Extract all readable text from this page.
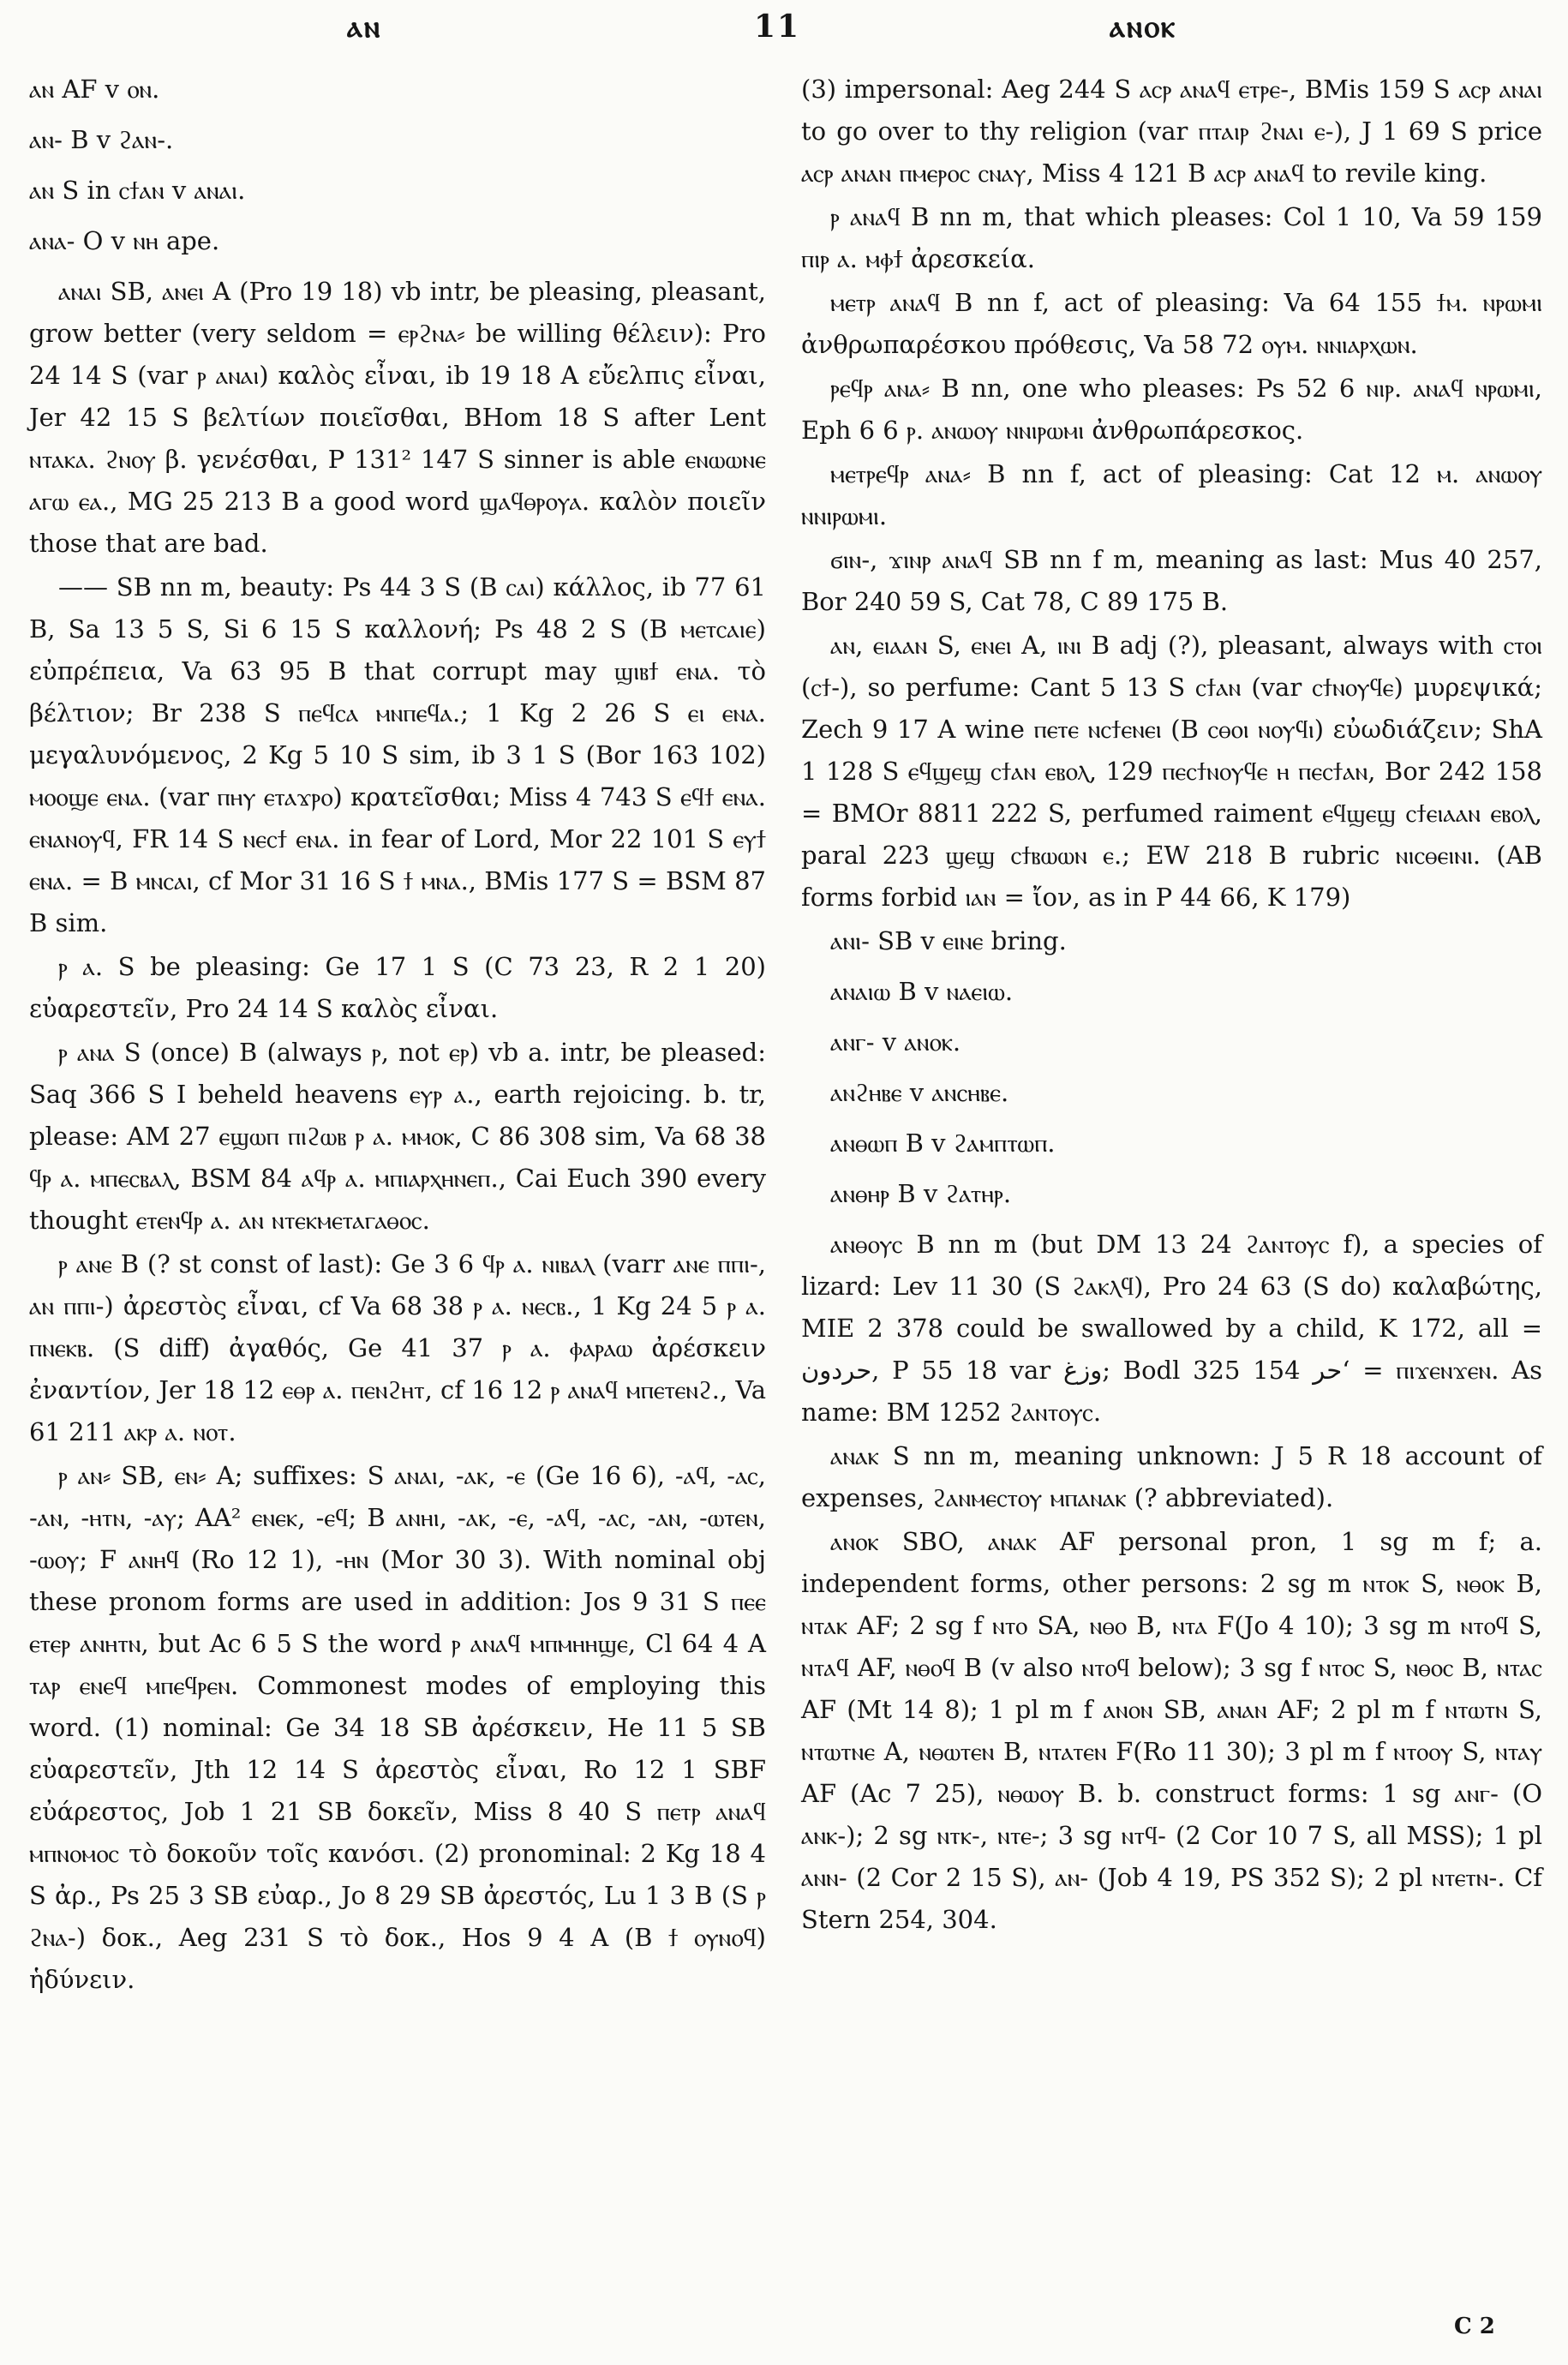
ⲁⲛ	11	ⲁⲛⲟⲕ

ⲁⲛ AF v ⲟⲛ.

ⲁⲛ- B v ϩⲁⲛ-.

ⲁⲛ S in ⲥϯⲁⲛ v ⲁⲛⲁⲓ.

ⲁⲛⲁ- O v ⲛⲏ ape.

ⲁⲛⲁⲓ SB, ⲁⲛⲉⲓ A (Pro 19 18) vb intr, be pleasing, pleasant, grow better (very seldom = ⲉⲣϩⲛⲁ⸗ be willing θέλειν): Pro 24 14 S (var ⲣ ⲁⲛⲁⲓ) καλὸς εἶναι, ib 19 18 A εὔελπις εἶναι, Jer 42 15 S βελτίων ποιεῖσθαι, BHom 18 S after Lent ⲛⲧⲁⲕⲁ. ϩⲛⲟⲩ β. γενέσθαι, P 131² 147 S sinner is able ⲉⲛⲱⲱⲛⲉ ⲁⲅⲱ ⲉⲁ., MG 25 213 B a good word ϣⲁϥⲑⲣⲟⲩⲁ. καλὸν ποιεῖν those that are bad.

—— SB nn m, beauty: Ps 44 3 S (B ⲥⲁⲓ) κάλλος, ib 77 61 B, Sa 13 5 S, Si 6 15 S καλλονή; Ps 48 2 S (B ⲙⲉⲧⲥⲁⲓⲉ) εὐπρέπεια, Va 63 95 B that corrupt may ϣⲓⲃϯ ⲉⲛⲁ. τὸ βέλτιον; Br 238 S ⲡⲉϥⲥⲁ ⲙⲛⲡⲉϥⲁ.; 1 Kg 2 26 S ⲉⲓ ⲉⲛⲁ. μεγαλυνόμενος, 2 Kg 5 10 S sim, ib 3 1 S (Bor 163 102) ⲙⲟⲟϣⲉ ⲉⲛⲁ. (var ⲡⲏⲩ ⲉⲧⲁϫⲣⲟ) κρατεῖσθαι; Miss 4 743 S ⲉϥϯ ⲉⲛⲁ. ⲉⲛⲁⲛⲟⲩϥ, FR 14 S ⲛⲉⲥϯ ⲉⲛⲁ. in fear of Lord, Mor 22 101 S ⲉⲩϯ ⲉⲛⲁ. = B ⲙⲛⲥⲁⲓ, cf Mor 31 16 S ϯ ⲙⲛⲁ., BMis 177 S = BSM 87 B sim.

ⲣ ⲁ. S be pleasing: Ge 17 1 S (C 73 23, R 2 1 20) εὐαρεστεῖν, Pro 24 14 S καλὸς εἶναι.

ⲣ ⲁⲛⲁ S (once) B (always ⲣ, not ⲉⲣ) vb a. intr, be pleased: Saq 366 S I beheld heavens ⲉⲩⲣ ⲁ., earth rejoicing. b. tr, please: AM 27 ⲉϣⲱⲡ ⲡⲓϩⲱⲃ ⲣ ⲁ. ⲙⲙⲟⲕ, C 86 308 sim, Va 68 38 ϥⲣ ⲁ. ⲙⲡⲉⲥⲃⲁⲗ, BSM 84 ⲁϥⲣ ⲁ. ⲙⲡⲓⲁⲣⲭⲏⲛⲉⲡ., Cai Euch 390 every thought ⲉⲧⲉⲛϥⲣ ⲁ. ⲁⲛ ⲛⲧⲉⲕⲙⲉⲧⲁⲅⲁⲑⲟⲥ.

ⲣ ⲁⲛⲉ B (? st const of last): Ge 3 6 ϥⲣ ⲁ. ⲛⲓⲃⲁⲗ (varr ⲁⲛⲉ ⲡⲡⲓ-, ⲁⲛ ⲡⲡⲓ-) ἀρεστὸς εἶναι, cf Va 68 38 ⲣ ⲁ. ⲛⲉⲥⲃ., 1 Kg 24 5 ⲣ ⲁ. ⲡⲛⲉⲕⲃ. (S diff) ἀγαθός, Ge 41 37 ⲣ ⲁ. ⲫⲁⲣⲁⲱ ἀρέσκειν ἐναντίον, Jer 18 12 ⲉⲑⲣ ⲁ. ⲡⲉⲛϩⲏⲧ, cf 16 12 ⲣ ⲁⲛⲁϥ ⲙⲡⲉⲧⲉⲛϩ., Va 61 211 ⲁⲕⲣ ⲁ. ⲛⲟⲧ.

ⲣ ⲁⲛ⸗ SB, ⲉⲛ⸗ A; suffixes: S ⲁⲛⲁⲓ, -ⲁⲕ, -ⲉ (Ge 16 6), -ⲁϥ, -ⲁⲥ, -ⲁⲛ, -ⲏⲧⲛ, -ⲁⲩ; AA² ⲉⲛⲉⲕ, -ⲉϥ; B ⲁⲛⲏⲓ, -ⲁⲕ, -ⲉ, -ⲁϥ, -ⲁⲥ, -ⲁⲛ, -ⲱⲧⲉⲛ, -ⲱⲟⲩ; F ⲁⲛⲏϥ (Ro 12 1), -ⲏⲛ (Mor 30 3). With nominal obj these pronom forms are used in addition: Jos 9 31 S ⲡⲉⲉ ⲉⲧⲉⲣ ⲁⲛⲏⲧⲛ, but Ac 6 5 S the word ⲣ ⲁⲛⲁϥ ⲙⲡⲙⲏⲏϣⲉ, Cl 64 4 A ⲧⲁⲣ ⲉⲛⲉϥ ⲙⲡⲉϥⲣⲉⲛ. Commonest modes of employing this word. (1) nominal: Ge 34 18 SB ἀρέσκειν, He 11 5 SB εὐαρεστεῖν, Jth 12 14 S ἀρεστὸς εἶναι, Ro 12 1 SBF εὐάρεστος, Job 1 21 SB δοκεῖν, Miss 8 40 S ⲡⲉⲧⲣ ⲁⲛⲁϥ ⲙⲡⲛⲟⲙⲟⲥ τὸ δοκοῦν τοῖς κανόσι. (2) pronominal: 2 Kg 18 4 S ἀρ., Ps 25 3 SB εὐαρ., Jo 8 29 SB ἀρεστός, Lu 1 3 B (S ⲣ ϩⲛⲁ-) δοκ., Aeg 231 S τὸ δοκ., Hos 9 4 A (B ϯ ⲟⲩⲛⲟϥ) ἡδύνειν.

(3) impersonal: Aeg 244 S ⲁⲥⲣ ⲁⲛⲁϥ ⲉⲧⲣⲉ-, BMis 159 S ⲁⲥⲣ ⲁⲛⲁⲓ to go over to thy religion (var ⲡⲧⲁⲓⲣ ϩⲛⲁⲓ ⲉ-), J 1 69 S price ⲁⲥⲣ ⲁⲛⲁⲛ ⲡⲙⲉⲣⲟⲥ ⲥⲛⲁⲩ, Miss 4 121 B ⲁⲥⲣ ⲁⲛⲁϥ to revile king.

ⲣ ⲁⲛⲁϥ B nn m, that which pleases: Col 1 10, Va 59 159 ⲡⲓⲣ ⲁ. ⲙⲫϯ ἀρεσκεία.

ⲙⲉⲧⲣ ⲁⲛⲁϥ B nn f, act of pleasing: Va 64 155 ϯⲙ. ⲛⲣⲱⲙⲓ ἀνθρωπαρέσκου πρόθεσις, Va 58 72 ⲟⲩⲙ. ⲛⲛⲓⲁⲣⲭⲱⲛ.

ⲣⲉϥⲣ ⲁⲛⲁ⸗ B nn, one who pleases: Ps 52 6 ⲛⲓⲣ. ⲁⲛⲁϥ ⲛⲣⲱⲙⲓ, Eph 6 6 ⲣ. ⲁⲛⲱⲟⲩ ⲛⲛⲓⲣⲱⲙⲓ ἀνθρωπάρεσκος.

ⲙⲉⲧⲣⲉϥⲣ ⲁⲛⲁ⸗ B nn f, act of pleasing: Cat 12 ⲙ. ⲁⲛⲱⲟⲩ ⲛⲛⲓⲣⲱⲙⲓ.

ϭⲓⲛ-, ϫⲓⲛⲣ ⲁⲛⲁϥ SB nn f m, meaning as last: Mus 40 257, Bor 240 59 S, Cat 78, C 89 175 B.

ⲁⲛ, ⲉⲓⲁⲁⲛ S, ⲉⲛⲉⲓ A, ⲓⲛⲓ B adj (?), pleasant, always with ⲥⲧⲟⲓ (ⲥϯ-), so perfume: Cant 5 13 S ⲥϯⲁⲛ (var ⲥϯⲛⲟⲩϥⲉ) μυρεψικά; Zech 9 17 A wine ⲡⲉⲧⲉ ⲛⲥϯⲉⲛⲉⲓ (B ⲥⲑⲟⲓ ⲛⲟⲩϥⲓ) εὐωδιάζειν; ShA 1 128 S ⲉϥϣⲉϣ ⲥϯⲁⲛ ⲉⲃⲟⲗ, 129 ⲡⲉⲥϯⲛⲟⲩϥⲉ ⲏ ⲡⲉⲥϯⲁⲛ, Bor 242 158 = BMOr 8811 222 S, perfumed raiment ⲉϥϣⲉϣ ⲥϯⲉⲓⲁⲁⲛ ⲉⲃⲟⲗ, paral 223 ϣⲉϣ ⲥϯⲃⲱⲱⲛ ⲉ.; EW 218 B rubric ⲛⲓⲥⲑⲉⲓⲛⲓ. (AB forms forbid ⲓⲁⲛ = ἴον, as in P 44 66, K 179)

ⲁⲛⲓ- SB v ⲉⲓⲛⲉ bring.

ⲁⲛⲁⲓⲱ B v ⲛⲁⲉⲓⲱ.

ⲁⲛⲅ- v ⲁⲛⲟⲕ.

ⲁⲛϩⲏⲃⲉ v ⲁⲛⲥⲏⲃⲉ.

ⲁⲛⲑⲱⲡ B v ϩⲁⲙⲡⲧⲱⲡ.

ⲁⲛⲑⲏⲣ B v ϩⲁⲧⲏⲣ.

ⲁⲛⲑⲟⲩⲥ B nn m (but DM 13 24 ϩⲁⲛⲧⲟⲩⲥ f), a species of lizard: Lev 11 30 (S ϩⲁⲕⲗϥ), Pro 24 63 (S do) καλαβώτης, MIE 2 378 could be swallowed by a child, K 172, all = حردون, P 55 18 var وزغ; Bodl 325 154 حر‘ = ⲡⲓϫⲉⲛϫⲉⲛ. As name: BM 1252 ϩⲁⲛⲧⲟⲩⲥ.

ⲁⲛⲁⲕ S nn m, meaning unknown: J 5 R 18 account of expenses, ϩⲁⲛⲙⲉⲥⲧⲟⲩ ⲙⲡⲁⲛⲁⲕ (? abbreviated).

ⲁⲛⲟⲕ SBO, ⲁⲛⲁⲕ AF personal pron, 1 sg m f; a. independent forms, other persons: 2 sg m ⲛⲧⲟⲕ S, ⲛⲑⲟⲕ B, ⲛⲧⲁⲕ AF; 2 sg f ⲛⲧⲟ SA, ⲛⲑⲟ B, ⲛⲧⲁ F(Jo 4 10); 3 sg m ⲛⲧⲟϥ S, ⲛⲧⲁϥ AF, ⲛⲑⲟϥ B (v also ⲛⲧⲟϥ below); 3 sg f ⲛⲧⲟⲥ S, ⲛⲑⲟⲥ B, ⲛⲧⲁⲥ AF (Mt 14 8); 1 pl m f ⲁⲛⲟⲛ SB, ⲁⲛⲁⲛ AF; 2 pl m f ⲛⲧⲱⲧⲛ S, ⲛⲧⲱⲧⲛⲉ A, ⲛⲑⲱⲧⲉⲛ B, ⲛⲧⲁⲧⲉⲛ F(Ro 11 30); 3 pl m f ⲛⲧⲟⲟⲩ S, ⲛⲧⲁⲩ AF (Ac 7 25), ⲛⲑⲱⲟⲩ B. b. construct forms: 1 sg ⲁⲛⲅ- (O ⲁⲛⲕ-); 2 sg ⲛⲧⲕ-, ⲛⲧⲉ-; 3 sg ⲛⲧϥ- (2 Cor 10 7 S, all MSS); 1 pl ⲁⲛⲛ- (2 Cor 2 15 S), ⲁⲛ- (Job 4 19, PS 352 S); 2 pl ⲛⲧⲉⲧⲛ-. Cf Stern 254, 304.

C 2
